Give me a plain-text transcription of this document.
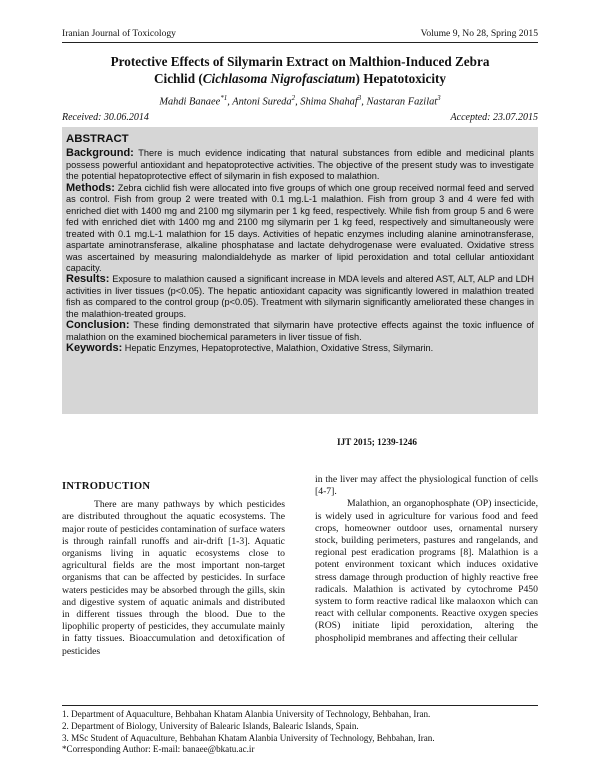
Iranian Journal of Toxicology	Volume 9, No 28, Spring 2015
Protective Effects of Silymarin Extract on Malthion-Induced Zebra
Cichlid (Cichlasoma Nigrofasciatum) Hepatotoxicity
Mahdi Banaee$^{*1}$, Antoni Sureda$^2$, Shima Shahaf$^3$, Nastaran Fazilat$^3$
Received: 30.06.2014	Accepted: 23.07.2015
ABSTRACT

Background: There is much evidence indicating that natural substances from edible and medicinal plants possess powerful antioxidant and hepatoprotective activities. The objective of the present study was to investigate the potential hepatoprotective effect of silymarin in fish exposed to malathion.

Methods: Zebra cichlid fish were allocated into five groups of which one group received normal feed and served as control. Fish from group 2 were treated with 0.1 mg.L-1 malathion. Fish from group 3 and 4 were fed with enriched diet with 1400 mg and 2100 mg silymarin per 1 kg feed, respectively. While fish from group 5 and 6 were fed with enriched diet with 1400 mg and 2100 mg silymarin per 1 kg feed, respectively and simultaneously were treated with 0.1 mg.L-1 malathion for 15 days. Activities of hepatic enzymes including alanine aminotransferase, aspartate aminotransferase, alkaline phosphatase and lactate dehydrogenase were evaluated. Oxidative stress was ascertained by measuring malondialdehyde as marker of lipid peroxidation and total cellular antioxidant capacity.

Results: Exposure to malathion caused a significant increase in MDA levels and altered AST, ALT, ALP and LDH activities in liver tissues (p<0.05). The hepatic antioxidant capacity was significantly lowered in malathion treated fish as compared to the control group (p<0.05). Treatment with silymarin significantly ameliorated these changes in the malathion-treated groups.

Conclusion: These finding demonstrated that silymarin have protective effects against the toxic influence of malathion on the examined biochemical parameters in liver tissue of fish.

Keywords: Hepatic Enzymes, Hepatoprotective, Malathion, Oxidative Stress, Silymarin.

IJT 2015; 1239-1246

INTRODUCTION

There are many pathways by which pesticides are distributed throughout the aquatic ecosystems. The major route of pesticides contamination of surface waters is through rainfall runoffs and air-drift [1-3]. Aquatic organisms living in aquatic ecosystems close to agricultural fields are the most important non-target organisms that can be affected by pesticides. In surface waters pesticides may be absorbed through the gills, skin and digestive system of aquatic animals and distributed in different tissues through the blood. Due to the lipophilic property of pesticides, they accumulate mainly in fatty tissues. Bioaccumulation and detoxification of pesticides

in the liver may affect the physiological function of cells [4-7].

Malathion, an organophosphate (OP) insecticide, is widely used in agriculture for various food and feed crops, homeowner outdoor uses, ornamental nursery stock, building perimeters, pastures and rangelands, and regional pest eradication programs [8]. Malathion is a potent environment toxicant which induces oxidative stress damage through production of highly reactive free radicals. Malathion is activated by cytochrome P450 system to form reactive radical like malaoxon which can react with cellular components. Reactive oxygen species (ROS) initiate lipid peroxidation, altering the phospholipid membranes and affecting their cellular

1. Department of Aquaculture, Behbahan Khatam Alanbia University of Technology, Behbahan, Iran.

2. Department of Biology, University of Balearic Islands, Balearic Islands, Spain.

3. MSc Student of Aquaculture, Behbahan Khatam Alanbia University of Technology, Behbahan, Iran.

*Corresponding Author: E-mail: banaee@bkatu.ac.ir
